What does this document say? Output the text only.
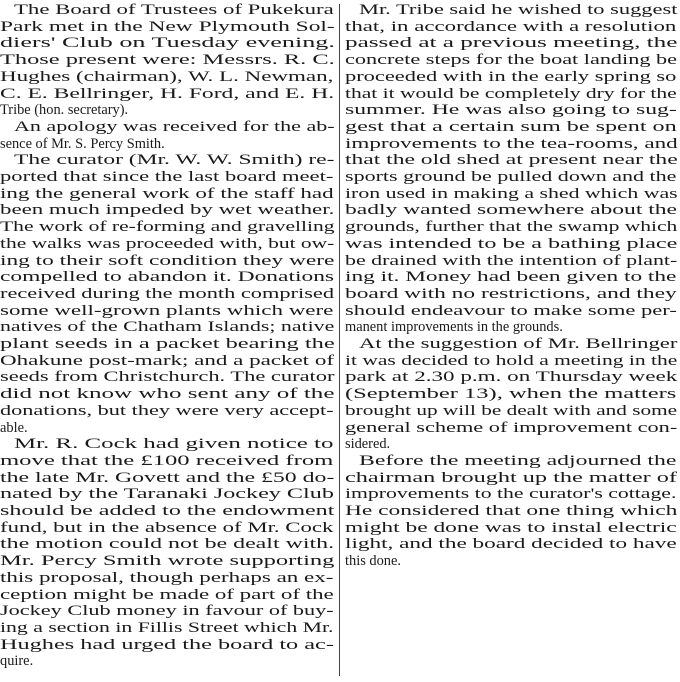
The Board of Trustees of Pukekura
Park met in the New Plymouth Sol-
diers' Club on Tuesday evening.
Those present were: Messrs. R. C.
Hughes (chairman), W. L. Newman,
C. E. Bellringer, H. Ford, and E. H.
Tribe (hon. secretary).
An apology was received for the ab-
sence of Mr. S. Percy Smith.
The curator (Mr. W. W. Smith) re-
ported that since the last board meet-
ing the general work of the staff had
been much impeded by wet weather.
The work of re-forming and gravelling
the walks was proceeded with, but ow-
ing to their soft condition they were
compelled to abandon it. Donations
received during the month comprised
some well-grown plants which were
natives of the Chatham Islands; native
plant seeds in a packet bearing the
Ohakune post-mark; and a packet of
seeds from Christchurch. The curator
did not know who sent any of the
donations, but they were very accept-
able.
Mr. R. Cock had given notice to
move that the £100 received from
the late Mr. Govett and the £50 do-
nated by the Taranaki Jockey Club
should be added to the endowment
fund, but in the absence of Mr. Cock
the motion could not be dealt with.
Mr. Percy Smith wrote supporting
this proposal, though perhaps an ex-
ception might be made of part of the
Jockey Club money in favour of buy-
ing a section in Fillis Street which Mr.
Hughes had urged the board to ac-
quire.
Mr. Tribe said he wished to suggest
that, in accordance with a resolution
passed at a previous meeting, the
concrete steps for the boat landing be
proceeded with in the early spring so
that it would be completely dry for the
summer. He was also going to sug-
gest that a certain sum be spent on
improvements to the tea-rooms, and
that the old shed at present near the
sports ground be pulled down and the
iron used in making a shed which was
badly wanted somewhere about the
grounds, further that the swamp which
was intended to be a bathing place
be drained with the intention of plant-
ing it. Money had been given to the
board with no restrictions, and they
should endeavour to make some per-
manent improvements in the grounds.
At the suggestion of Mr. Bellringer
it was decided to hold a meeting in the
park at 2.30 p.m. on Thursday week
(September 13), when the matters
brought up will be dealt with and some
general scheme of improvement con-
sidered.
Before the meeting adjourned the
chairman brought up the matter of
improvements to the curator's cottage.
He considered that one thing which
might be done was to instal electric
light, and the board decided to have
this done.
